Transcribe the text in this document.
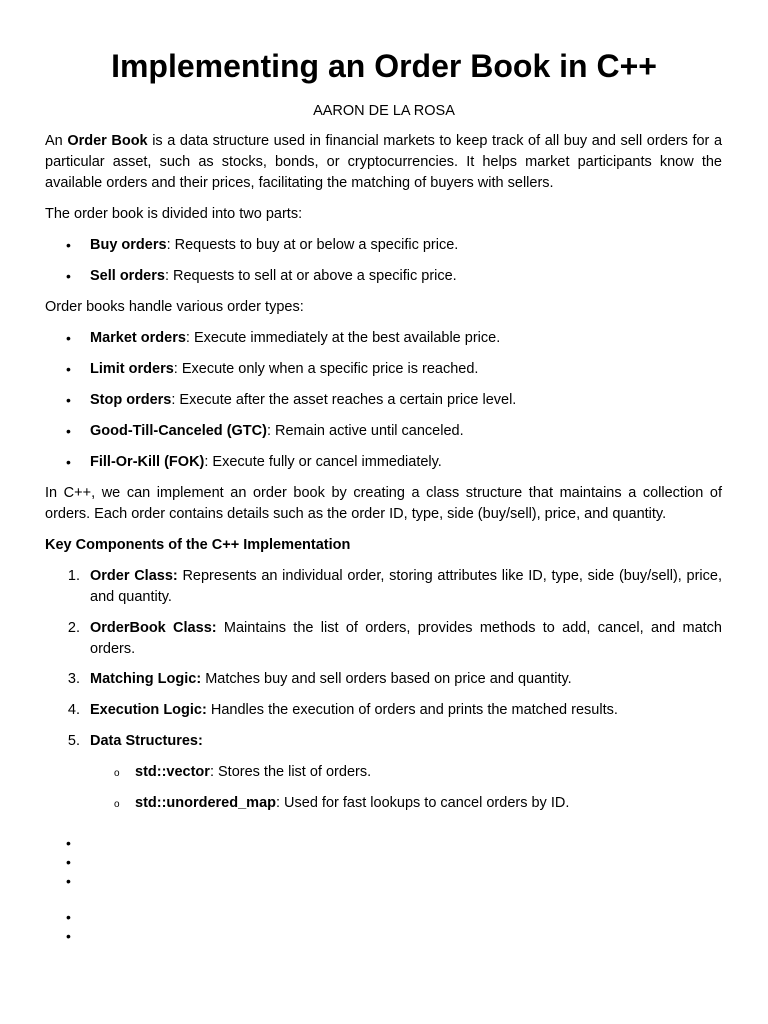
Implementing an Order Book in C++
AARON DE LA ROSA

An Order Book is a data structure used in financial markets to keep track of all buy and sell orders for a particular asset, such as stocks, bonds, or cryptocurrencies. It helps market participants know the available orders and their prices, facilitating the matching of buyers with sellers.

The order book is divided into two parts:
• Buy orders: Requests to buy at or below a specific price.
• Sell orders: Requests to sell at or above a specific price.
Order books handle various order types:
• Market orders: Execute immediately at the best available price.
• Limit orders: Execute only when a specific price is reached.
• Stop orders: Execute after the asset reaches a certain price level.
• Good-Till-Canceled (GTC): Remain active until canceled.
• Fill-Or-Kill (FOK): Execute fully or cancel immediately.

In C++, we can implement an order book by creating a class structure that maintains a collection of orders. Each order contains details such as the order ID, type, side (buy/sell), price, and quantity.

Key Components of the C++ Implementation
1. Order Class: Represents an individual order, storing attributes like ID, type, side (buy/sell), price, and quantity.
2. OrderBook Class: Maintains the list of orders, provides methods to add, cancel, and match orders.
3. Matching Logic: Matches buy and sell orders based on price and quantity.
4. Execution Logic: Handles the execution of orders and prints the matched results.
5. Data Structures:
o std::vector: Stores the list of orders.
o std::unordered_map: Used for fast lookups to cancel orders by ID.
•
•
•
•
•
